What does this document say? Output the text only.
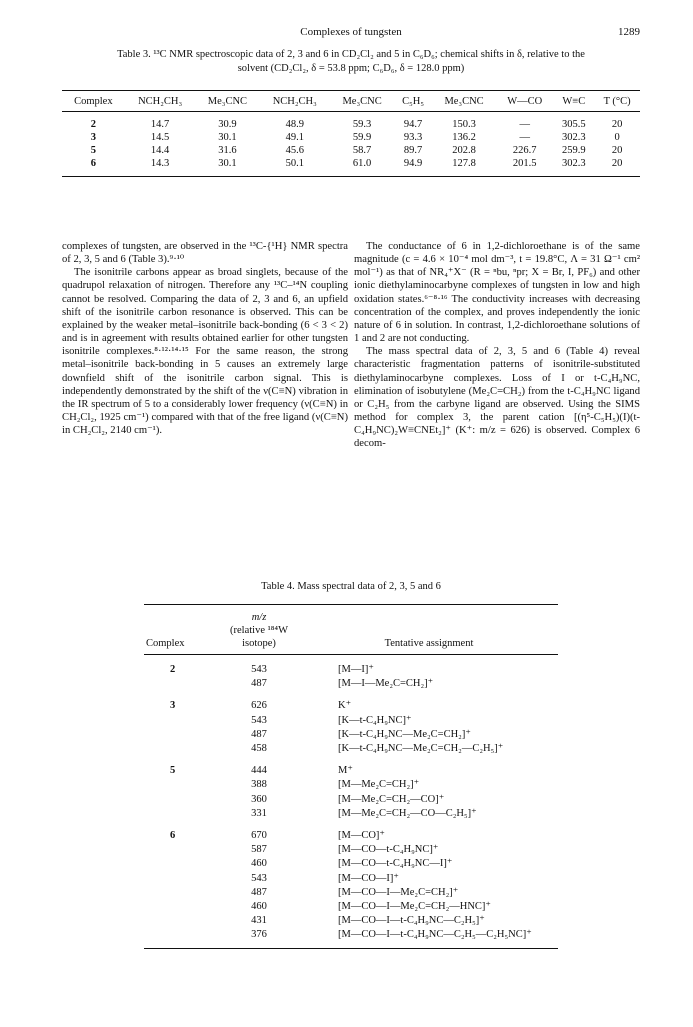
Complexes of tungsten	1289
Table 3. ¹³C NMR spectroscopic data of 2, 3 and 6 in CD₂Cl₂ and 5 in C₆D₆; chemical shifts in δ, relative to the
solvent (CD₂Cl₂, δ = 53.8 ppm; C₆D₆, δ = 128.0 ppm)
Complex	NCH₂CH₃	Me₃CNC	NCH₂CH₃	Me₃CNC	C₅H₅	Me₃CNC	W—CO	W≡C	T (°C)
2	14.7	30.9	48.9	59.3	94.7	150.3	—	305.5	20
3	14.5	30.1	49.1	59.9	93.3	136.2	—	302.3	0
5	14.4	31.6	45.6	58.7	89.7	202.8	226.7	259.9	20
6	14.3	30.1	50.1	61.0	94.9	127.8	201.5	302.3	20

complexes of tungsten, are observed in the ¹³C-{¹H} NMR spectra of 2, 3, 5 and 6 (Table 3).⁹·¹⁰

The isonitrile carbons appear as broad singlets, because of the quadrupol relaxation of nitrogen. Therefore any ¹³C–¹⁴N coupling cannot be resolved. Comparing the data of 2, 3 and 6, an upfield shift of the isonitrile carbon resonance is observed. This can be explained by the weaker metal–isonitrile back-bonding (6 < 3 < 2) and is in agreement with results obtained earlier for other tungsten isonitrile complexes.⁸·¹²·¹⁴·¹⁵ For the same reason, the strong metal–isonitrile back-bonding in 5 causes an extremely large downfield shift of the isonitrile carbon signal. This is independently demonstrated by the shift of the ν(C≡N) vibration in the IR spectrum of 5 to a considerably lower frequency (ν(C≡N) in CH₂Cl₂, 1925 cm⁻¹) compared with that of the free ligand (ν(C≡N) in CH₂Cl₂, 2140 cm⁻¹).

The conductance of 6 in 1,2-dichloroethane is of the same magnitude (c = 4.6 × 10⁻⁴ mol dm⁻³, t = 19.8°C, Λ = 31 Ω⁻¹ cm² mol⁻¹) as that of NR₄⁺X⁻ (R = ⁿbu, ⁿpr; X = Br, I, PF₆) and other ionic diethylaminocarbyne complexes of tungsten in low and high oxidation states.⁶⁻⁸·¹⁶ The conductivity increases with decreasing concentration of the complex, and proves independently the ionic nature of 6 in solution. In contrast, 1,2-dichloroethane solutions of 1 and 2 are not conducting.

The mass spectral data of 2, 3, 5 and 6 (Table 4) reveal characteristic fragmentation patterns of isonitrile-substituted diethylaminocarbyne complexes. Loss of I or t-C₄H₉NC, elimination of isobutylene (Me₂C=CH₂) from the t-C₄H₉NC ligand or C₂H₅ from the carbyne ligand are observed. Using the SIMS method for complex 3, the parent cation [(η⁵-C₅H₅)(I)(t-C₄H₉NC)₂W≡CNEt₂]⁺ (K⁺: m/z = 626) is observed. Complex 6 decom-

Table 4. Mass spectral data of 2, 3, 5 and 6
Complex	m/z
(relative ¹⁸⁴W
isotope)	Tentative assignment
2	543	[M—I]⁺
	487	[M—I—Me₂C=CH₂]⁺
3	626	K⁺
	543	[K—t-C₄H₉NC]⁺
	487	[K—t-C₄H₉NC—Me₂C=CH₂]⁺
	458	[K—t-C₄H₉NC—Me₂C=CH₂—C₂H₅]⁺
5	444	M⁺
	388	[M—Me₂C=CH₂]⁺
	360	[M—Me₂C=CH₂—CO]⁺
	331	[M—Me₂C=CH₂—CO—C₂H₅]⁺
6	670	[M—CO]⁺
	587	[M—CO—t-C₄H₉NC]⁺
	460	[M—CO—t-C₄H₉NC—I]⁺
	543	[M—CO—I]⁺
	487	[M—CO—I—Me₂C=CH₂]⁺
	460	[M—CO—I—Me₂C=CH₂—HNC]⁺
	431	[M—CO—I—t-C₄H₉NC—C₂H₅]⁺
	376	[M—CO—I—t-C₄H₉NC—C₂H₅—C₂H₅NC]⁺
